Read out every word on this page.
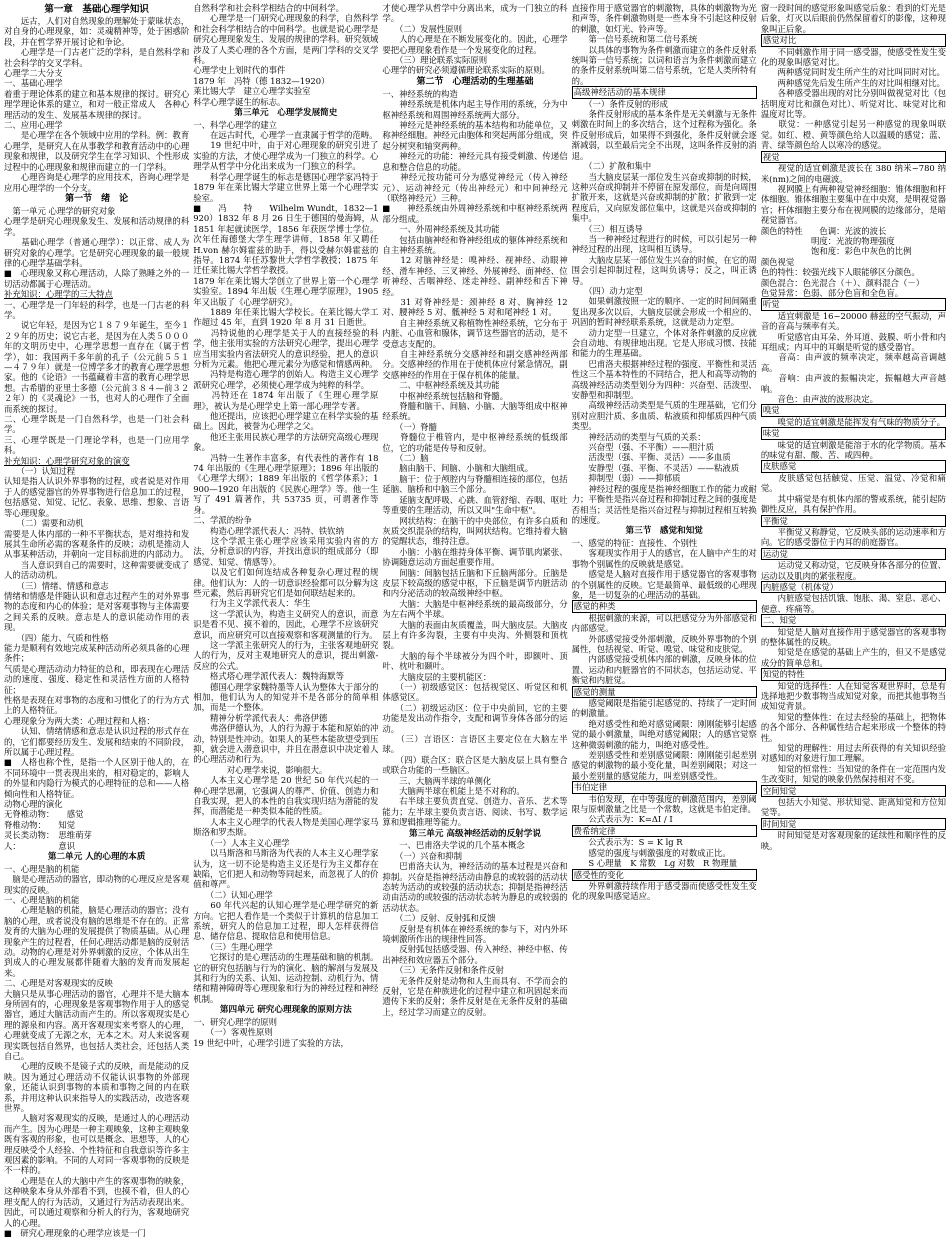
第一章　基础心理学知识
　　远古，人们对自然现象的理解处于蒙昧状态，对自身的心理现象，如：灵魂精神等，处于困惑阶段，并在哲学界开展讨论和争论。
　　心理学是一门古老广泛的学科，是自然科学和社会科学的交叉学科。
心理学二大分支
一、基础心理学
着重于理论体系的建立和基本规律的探讨。研究心理学理论体系的建立，和对一般正常成人　各种心理活动的发生、发展基本规律的探讨。
二、应用心理学
　　是心理学在各个领域中应用的学科。例：教育心理学，是研究人在从事教学和教育活动中的心理现象和规律，以及研究学生在学习知识、个性形成过程中的心理现象和规律而建立的一门学科。
　　心理咨询是心理学的应用技术，咨询心理学是应用心理学的一个分支。
第一节　绪　论
　第一单元 心理学的研究对象
心理学是研究心理现象发生、发展和活动规律的科学。
　　基础心理学（普通心理学）：以正常、成人为研究对象的心理学。它是研究心理现象的最一般规律的心理学基础学科。
■　心理现象又称心理活动，人除了熟睡之外的一切活动都属于心理活动。
补充知识：心理学的三大特点
一、心理学是一门年轻的科学，也是一门古老的科学。
　　说它年轻，是因为它１８７９年诞生，至今１２９年的历史；说它古老，是因为在人类５０００年的文明历史中，心理学思想一直存在（属于哲学），如：我国两千多年前的孔子（公元前５５１—４７９年）就是一位博学多才的教育心理学思想家。他的《论语》一书蕴藏着丰富的教育心理学思想。古希腊的亚里士多德（公元前３８４—前３２２年）的《灵魂论》一书，也对人的心理作了全面而系统的探讨。
二、心理学既是一门自然科学，也是一门社会科学。
三、心理学既是一门理论学科，也是一门应用学科。
补充知识：心理学研究对象的演变
　　（一）认知过程
认知是指人认识外界事物的过程，或者说是对作用于人的感觉器官的外界事物进行信息加工的过程，包括感觉、知觉、记忆、表象、思维、想象、言语等心理现象。
　　（二）需要和动机
需要是人体内部的一种不平衡状态，是对维持和发展其生命所必需的客观条件的反映；动机是推动人从事某种活动，并朝向一定目标前进的内部动力。
　　当人意识到自己的需要时，这种需要就变成了人的活动动机。
　　（三）情绪、情感和意志
情绪和情感是伴随认识和意志过程产生的对外界事物的态度和内心的体验；是对客观事物与主体需要之间关系的反映。意志是人的意识能动作用的表现。
　　（四）能力、气质和性格
能力是顺利有效地完成某种活动所必须具备的心理条件；
气质是心理活动动力特征的总和，即表现在心理活动的速度、强度、稳定性和灵活性方面的人格特征；
性格是表现在对事物的态度和习惯化了的行为方式上的人格特征。
心理现象分为两大类：心理过程和人格：
　　认知、情绪情感和意志是认识过程的形式存在的，它们都要经历发生、发展和结束的不同阶段，所以属于心理过程。
■　人格也称个性，是指一个人区别于他人的，在不同环境中一贯表现出来的，相对稳定的，影响人的外显和内隐行为模式的心理特征的总和——人格倾向性和人格特征。
动物心理的演化
无脊椎动物：　　感觉
脊椎动物：　　知觉
灵长类动物：　思维萌芽
人：　　　　　意识
第二单元 人的心理的本质
一、心理是脑的机能
　脑是心理活动的器官，即动物的心理反应是客观现实的反映。
一、心理是脑的机能
　　心理是脑的机能，脑是心理活动的器官；没有脑的心理，或者说没有脑的思维是不存在的。正常发育的大脑为心理的发展提供了物质基础。从心理现象产生的过程看，任何心理活动都是脑的反射活动。动物的心理是对外界刺激的反应，个体从出生到成人的心理发展都伴随着大脑的发育而发展起来。
二、心理是对客观现实的反映
大脑只是从事心理活动的器官，心理并不是大脑本身所固有的，心理现象是客观事物作用于人的感觉器官，通过大脑活动而产生的。所以客观现实是心理的源泉和内容。离开客观现实来考察人的心理，心理就变成了无源之水，无本之木。对人来说客观现实既包括自然界，也包括人类社会，还包括人类自己。
　　心理的反映不是镜子式的反映，而是能动的反映。因为通过心理活动不仅能认识事物的外部现象，还能认识到事物的本质和事物之间的内在联系，并用这种认识来指导人的实践活动，改造客观世界。
　　人脑对客观现实的反映，是通过人的心理活动而产生。因为心理是一种主观映象，这种主观映象既有客观的形象，也可以是概念、思想等，人的心理反映受个人经验、个性特征和自我意识等许多主观因素的影响。不同的人对同一客观事物的反映是不一样的。
　　心理是在人的大脑中产生的客观事物的映象，这种映象本身从外部看不到，也摸不着，但人的心理支配人的行为活动，又通过行为活动表现出来。因此，可以通过观察和分析人的行为，客观地研究人的心理。
■　研究心理现象的心理学应该是一门
自然科学和社会科学相结合的中间科学。
　　心理学是一门研究心理现象的科学，自然科学和社会科学相结合的中间科学。也就是说心理学是研究心理现象发生、发展的规律的学科。研究领域涉及了人类心理的各个方面，是两门学科的交叉学科。
心理学史上划时代的事件
1879 年　冯特（德 1832—1920）
莱比锡大学　建立心理学实验室
科学心理学诞生的标志。
第三单元　心理学发展简史
一、科学心理学的建立
　　在远古时代，心理学一直隶属于哲学的范畴。
　　19 世纪中叶，由于对心理现象的研究引进了实验的方法，才使心理学成为一门独立的科学。心理学从哲学中分化出来成为一门独立的科学。
　　科学心理学诞生的标志是德国心理学家冯特于 1879 年在莱比锡大学建立世界上第一个心理学实验室。
■　　冯　　特　　Wilhelm Wundt，1832—1920）1832 年 8 月 26 日生于德国的曼海姆，从 1851 年起就读医学，1856 年获医学博士学位。次年任海德堡大学生理学讲师，1858 年又聘任 H.von 赫尔姆霍兹的助手，得以受赫尔姆霍兹的指导。1874 年任苏黎世大学哲学教授；1875 年迁任莱比锡大学哲学教授。
1879 年在莱比锡大学创立了世界上第一个心理学实验室。1894 年出版《生理心理学原理》，1905 年又出版了《心理学研究》。
　　1889 年任莱比锡大学校长。在莱比锡大学工作超过 45 年，直到 1920 年 8 月 31 日逝世。
　　冯特说他的心理学是关于人的直接经验的科学，他主张用实验的方法研究心理学，提出心理学应当用实验内省法研究人的意识经验，把人的意识分析为元素。他把心理元素分为感觉和情感两种。
　　冯特是构造心理学的创始人。构造主义心理学派研究心理学，必须使心理学成为纯粹的科学。
　　冯特还在 1874 年出版了《生理心理学原理》，被认为是心理学史上第一部心理学专著。
　　他还提出，应该把心理学建立在科学实验的基础上。因此，被誉为心理学之父。
　　他还主张用民族心理学的方法研究高级心理现象。
　　冯特一生著作丰富多，有代表性的著作有 1874 年出版的《生理心理学原理》；1896 年出版的《心理学大纲》；1889 年出版的《哲学体系》；1900—1920 年出版的《民族心理学》等。他一生写了 491 篇著作，共 53735 页，可谓著作等身。
二、学派的纷争
　　构造心理学派代表人：冯特、铁钦纳
　　这个学派主张心理学应该采用实验内省的方法，分析意识的内容，并找出意识的组成部分（即感觉、知觉、情感等）。
　　以及它们如何连结成各种复杂心理过程的规律。他们认为：人的一切意识经验都可以分解为这些元素，然后再研究它们是如何联结起来的。
　　行为主义学派代表人：华生
　　这一学派认为，构造主义研究人的意识，而意识是看不见、摸不着的，因此，心理学不应该研究意识，而应研究可以直接观察和客观测量的行为。
　　这一学派主张研究人的行为，主张客观地研究人的行为，反对主观地研究人的意识，提出刺激-反应的公式。
　　格式塔心理学派代表人：魏特海默等
　　德国心理学家魏特墨等人认为整体大于部分的相加，他们认为人的知觉并不是各部分的简单相加，而是一个整体。
　　精神分析学派代表人：弗洛伊德
　　弗洛伊德认为，人的行为源于本能和原始的冲动，特别是性冲动。如果人的某些本能欲望受到压抑，就会进入潜意识中，并且在潜意识中决定着人的心理活动和行为。
　　　　对心理学来说，影响很大。
　　人本主义心理学是 20 世纪 50 年代兴起的一种心理学思潮，它强调人的尊严、价值、创造力和自我实现，把人的本性的自我实现归结为潜能的发挥，而潜能是一种类似本能的性质。
　　人本主义心理学的代表人物是美国心理学家马斯洛和罗杰斯。
　　（一）人本主义心理学
　　以马斯洛和马斯洛为代表的人本主义心理学家认为，这一切不论是构造主义还是行为主义都存在缺陷，它们把人和动物等同起来，而忽视了人的价值和尊严。
　　（二）认知心理学
　　60 年代兴起的认知心理学是心理学研究的新方向。它把人看作是一个类似于计算机的信息加工系统，研究人的信息加工过程，即人怎样获得信息、储存信息、提取信息和使用信息。
　　（三）生理心理学
　　它探讨的是心理活动的生理基础和脑的机制。它的研究包括脑与行为的演化、脑的解剖与发展及其和行为的关系、认知、运动控制、动机行为、情绪和精神障碍等心理现象和行为的神经过程和神经机制。
第四单元 研究心理现象的原则方法
一、研究心理学的原则
　　（一）客观性原则
19 世纪中叶，心理学引进了实验的方法，
才使心理学从哲学中分离出来，成为一门独立的科学。
　　（二）发展性原则
　　人的心理是在不断发展变化的。因此，心理学要把心理现象看作是一个发展变化的过程。
　　（三）理论联系实际原则
心理学的研究必须遵循理论联系实际的原则。
第二节　心理活动的生理基础
一、神经系统的构造
　　神经系统是机体内起主导作用的系统，分为中枢神经系统和周围神经系统两大部分。
　　神经元是神经系统的基本结构和功能单位，又称神经细胞。神经元由胞体和突起两部分组成，突起分树突和轴突两种。
　　神经元的功能：神经元具有接受刺激、传递信息和整合信息的功能。
　　神经元按功能可分为感觉神经元（传入神经元）、运动神经元（传出神经元）和中间神经元（联络神经元）三种。
■　　神经系统由外周神经系统和中枢神经系统两部分组成。
　　一、外周神经系统及其功能
　　包括由脑神经和脊神经组成的躯体神经系统和自主神经系统。
　　12 对脑神经是：嗅神经、视神经、动眼神经、滑车神经、三叉神经、外展神经、面神经、位听神经、舌咽神经、迷走神经、副神经和舌下神经。
　　31 对脊神经是：颈神经 8 对、胸神经 12 对、腰神经 5 对、骶神经 5 对和尾神经 1 对。
　　自主神经系统又称植物性神经系统，它分布于内脏、心血管和腺体，调节这些器官的活动，是不受意志支配的。
　　自主神经系统分交感神经和副交感神经两部分。交感神经的作用在于使机体应付紧急情况，副交感神经的作用在于保存机体的能量。
　　二、中枢神经系统及其功能
　　中枢神经系统包括脑和脊髓。
　　脊髓和脑干、间脑、小脑、大脑等组成中枢神经系统。
　　（一）脊髓
　　脊髓位于椎管内，是中枢神经系统的低级部位，它的功能是传导和反射。
　　（二）脑
　　脑由脑干、间脑、小脑和大脑组成。
　　脑干：位于颅腔内与脊髓相连接的部位，包括延脑、脑桥和中脑三个部分。
　　延脑支配呼吸、心跳、血管舒缩、吞咽、呕吐等重要的生理活动，所以又叫"生命中枢"。
　　网状结构：在脑干的中央部位，有许多白质和灰质交织混杂的结构，叫网状结构。它维持着大脑的觉醒状态，维持注意。
　　小脑：小脑在维持身体平衡、调节肌肉紧张、协调随意运动方面起重要作用。
　　间脑：间脑包括丘脑和下丘脑两部分。丘脑是皮层下较高级的感觉中枢，下丘脑是调节内脏活动和内分泌活动的较高级神经中枢。
　　大脑：大脑是中枢神经系统的最高级部分，分为左右两个半球。
　　大脑的表面由灰质覆盖，叫大脑皮层。大脑皮层上有许多沟裂，主要有中央沟、外侧裂和顶枕裂。
　　大脑的每个半球被分为四个叶，即额叶、顶叶、枕叶和颞叶。
　　大脑皮层的主要机能区：
　　（一）初级感觉区：包括视觉区、听觉区和机体感觉区。
　　（二）初级运动区：位于中央前回，它的主要功能是发出动作指令，支配和调节身体各部分的运动。
　　（三）言语区：言语区主要定位在大脑左半球。
　　（四）联合区：联合区是大脑皮层上具有整合或联合功能的一些脑区。
　　三、大脑两半球的单侧化
　　大脑两半球在机能上是不对称的。
　　右半球主要负责直觉、创造力、音乐、艺术等能力；左半球主要负责言语、阅读、书写、数学运算和逻辑推理等能力。
第三单元 高级神经活动的反射学说
　　一、巴甫洛夫学说的几个基本概念
　　（一）兴奋和抑制
　　巴甫洛夫认为，神经活动的基本过程是兴奋和抑制。兴奋是指神经活动由静息的或较弱的活动状态转为活动的或较强的活动状态；抑制是指神经活动由活动的或较强的活动状态转为静息的或较弱的活动状态。
　　（二）反射、反射弧和反馈
　　反射是有机体在神经系统的参与下，对内外环境刺激所作出的规律性回答。
　　反射弧包括感受器、传入神经、神经中枢、传出神经和效应器五个部分。
　　（三）无条件反射和条件反射
　　无条件反射是动物和人生而具有、不学而会的反射，它是在种族进化的过程中建立和巩固起来而遗传下来的反射；条件反射是在无条件反射的基础上，经过学习而建立的反射。
直接作用于感觉器官的刺激物，具体的刺激物为光和声等，条件刺激物则是一些本身不引起这种反射的刺激，如灯光、铃声等。
　　第一信号系统和第二信号系统
　　以具体的事物为条件刺激而建立的条件反射系统叫第一信号系统；以词和语言为条件刺激而建立的条件反射系统叫第二信号系统，它是人类所特有的。
高级神经活动的基本规律
　　（一）条件反射的形成
　　条件反射形成的基本条件是无关刺激与无条件刺激在时间上的多次结合，这个过程称为强化。条件反射形成后，如果得不到强化，条件反射就会逐渐减弱，以至最后完全不出现，这叫条件反射的消退。
　　（二）扩散和集中
　　当大脑皮层某一部位发生兴奋或抑制的时候，这种兴奋或抑制并不停留在原发部位，而是向周围扩散开来，这就是兴奋或抑制的扩散；扩散到一定程度后，又向原发部位集中，这就是兴奋或抑制的集中。
　　（三）相互诱导
　　当一种神经过程进行的时候，可以引起另一种神经过程的出现，这叫相互诱导。
　　大脑皮层某一部位发生兴奋的时候，在它的周围会引起抑制过程，这叫负诱导；反之，叫正诱导。
　　（四）动力定型
　　如果刺激按照一定的顺序、一定的时间间隔重复出现多次以后，大脑皮层就会形成一个相应的、巩固的暂时神经联系系统，这就是动力定型。
　　动力定型一旦建立，个体对条件刺激的反应就会自动地、有规律地出现。它是人形成习惯、技能和能力的生理基础。
　　巴甫洛夫根据神经过程的强度、平衡性和灵活性这三个基本特性的不同结合，把人和高等动物的高级神经活动类型划分为四种：兴奋型、活泼型、安静型和抑制型。
　　高级神经活动类型是气质的生理基础，它们分别对应胆汁质、多血质、粘液质和抑郁质四种气质类型。
　　神经活动的类型与气质的关系：
　　兴奋型（强、不平衡）——胆汁质
　　活泼型（强、平衡、灵活）——多血质
　　安静型（强、平衡、不灵活）——粘液质
　　抑制型（弱）——抑郁质
　　神经过程的强度是指神经细胞工作的能力或耐力；平衡性是指兴奋过程和抑制过程之间的强度是否相当；灵活性是指兴奋过程与抑制过程相互转换的速度。
第三节　感觉和知觉
一、感觉的特征：直接性、个别性
　　客观现实作用于人的感官，在人脑中产生的对事物个别属性的反映就是感觉。
　　感觉是人脑对直接作用于感觉器官的客观事物的个别属性的反映。它是最简单、最低级的心理现象，是一切复杂的心理活动的基础。
感觉的种类
　　根据刺激的来源，可以把感觉分为外部感觉和内部感觉。
　　外部感觉接受外部刺激，反映外界事物的个别属性，包括视觉、听觉、嗅觉、味觉和皮肤觉。
　　内部感觉接受机体内部的刺激，反映身体的位置、运动和内脏器官的不同状态，包括运动觉、平衡觉和内脏觉。
感觉的测量
　　感觉阈限是指能引起感觉的、持续了一定时间的刺激量。
　　绝对感受性和绝对感觉阈限：刚刚能够引起感觉的最小刺激量，叫绝对感觉阈限；人的感官觉察这种微弱刺激的能力，叫绝对感受性。
　　差别感受性和差别感觉阈限：刚刚能引起差别感觉的刺激物的最小变化量，叫差别阈限；对这一最小差别量的感觉能力，叫差别感受性。
韦伯定律
　　韦伯发现，在中等强度的刺激范围内，差别阈限与原刺激量之比是一个常数，这就是韦伯定律。
　　公式表示为：K=ΔI / I
费希纳定律
　　公式表示为：S = K lg R
　　感觉的强度与刺激强度的对数成正比。
　　S 心理量　K 常数　Lg 对数　R 物理量
感受性的变化
　　外界刺激持续作用于感受器而使感受性发生变化的现象叫感觉适应。
窗一段时间的感觉形象叫感觉后象：看到的灯光是后象，灯灭以后眼前仍然保留着灯的影像，这种现象叫正后象。
感觉对比
　　不同刺激作用于同一感受器，使感受性发生变化的现象叫感觉对比。
　　两种感觉同时发生所产生的对比叫同时对比。
　　两种感觉先后发生所产生的对比叫相继对比。
　　各种感受器出现的对比分别叫做视觉对比（包括明度对比和颜色对比）、听觉对比、味觉对比和温度对比等。
　　联觉：一种感觉引起另一种感觉的现象叫联觉。如红、橙、黄等颜色给人以温暖的感觉；蓝、青、绿等颜色给人以寒冷的感觉。
视觉
　　视觉的适宜刺激是波长在 380 纳米~780 纳米(nm)之间的电磁波。
　　视网膜上有两种视觉神经细胞：锥体细胞和杆体细胞。锥体细胞主要集中在中央窝，是明视觉器官；杆体细胞主要分布在视网膜的边缘部分，是暗视觉器官。
颜色的特性　　色调：光波的波长
　　　　　　明度：光波的物理强度
　　　　　　饱和度：彩色中灰色的比例
颜色视觉
色的特性：较强光线下人眼能够区分颜色。
颜色混合：色光混合（＋）、颜料混合（－）
色觉异常：色弱、部分色盲和全色盲。
听觉
　　适宜刺激是 16~20000 赫兹的空气振动，声音的音高与频率有关。
　　听觉感官由耳朵、外耳道、鼓膜、听小骨和内耳组成；内耳中的耳蜗是听觉的感受器官。
　　音高：由声波的频率决定，频率越高音调越高。
　　音响：由声波的振幅决定，振幅越大声音越响。
　　音色：由声波的波形决定。
嗅觉
　　嗅觉的适宜刺激是能挥发有气味的物质分子。
味觉
　　味觉的适宜刺激是能溶于水的化学物质。基本的味觉有甜、酸、苦、咸四种。
皮肤感觉
　　皮肤感觉包括触觉、压觉、温觉、冷觉和痛觉。
　　其中痛觉是有机体内部的警戒系统，能引起防御性反应，具有保护作用。
平衡觉
　　平衡觉又称静觉，它反映头部的运动速率和方向。它的感受器位于内耳的前庭器官。
运动觉
　　运动觉又称动觉，它反映身体各部分的位置、运动以及肌肉的紧张程度。
内脏感觉（机体觉）
　　内脏感觉包括饥饿、饱胀、渴、窒息、恶心、便意、疼痛等。
二、知觉
　　知觉是人脑对直接作用于感觉器官的客观事物的整体属性的反映。
　　知觉是在感觉的基础上产生的，但又不是感觉成分的简单总和。
知觉的特性
　　知觉的选择性：人在知觉客观世界时，总是有选择地把少数事物当成知觉对象，而把其他事物当成知觉背景。
　　知觉的整体性：在过去经验的基础上，把物体的各个部分、各种属性结合起来形成一个整体的特性。
　　知觉的理解性：用过去所获得的有关知识经验对感知的对象进行加工理解。
　　知觉的恒常性：当知觉的条件在一定范围内发生改变时，知觉的映象仍然保持相对不变。
空间知觉
　　包括大小知觉、形状知觉、距离知觉和方位知觉等。
时间知觉
　　时间知觉是对客观现象的延续性和顺序性的反映。
